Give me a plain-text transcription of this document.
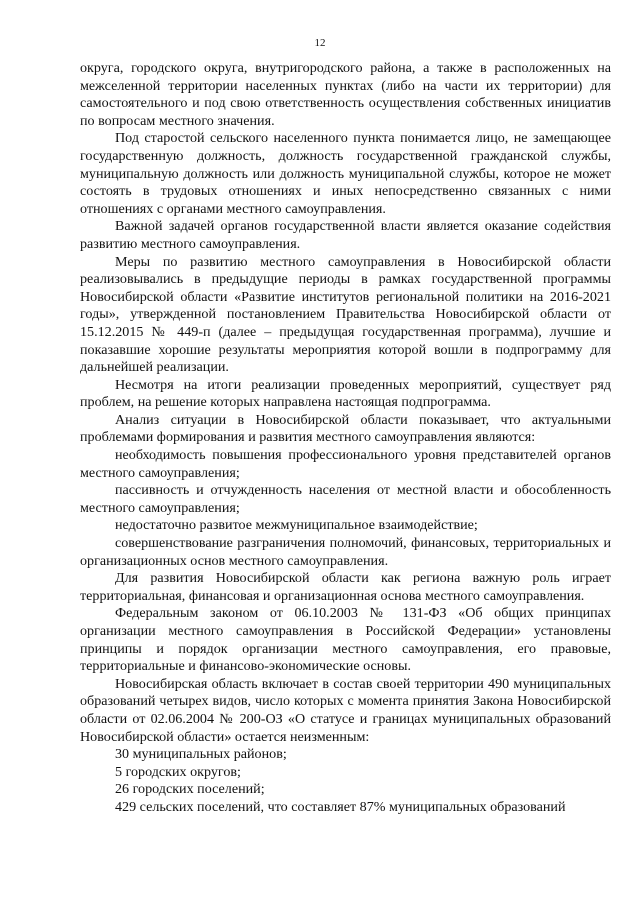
12

округа, городского округа, внутригородского района, а также в расположенных на межселенной территории населенных пунктах (либо на части их территории) для самостоятельного и под свою ответственность осуществления собственных инициатив по вопросам местного значения.

Под старостой сельского населенного пункта понимается лицо, не замещающее государственную должность, должность государственной гражданской службы, муниципальную должность или должность муниципальной службы, которое не может состоять в трудовых отношениях и иных непосредственно связанных с ними отношениях с органами местного самоуправления.

Важной задачей органов государственной власти является оказание содействия развитию местного самоуправления.

Меры по развитию местного самоуправления в Новосибирской области реализовывались в предыдущие периоды в рамках государственной программы Новосибирской области «Развитие институтов региональной политики на 2016-2021 годы», утвержденной постановлением Правительства Новосибирской области от 15.12.2015 № 449-п (далее – предыдущая государственная программа), лучшие и показавшие хорошие результаты мероприятия которой вошли в подпрограмму для дальнейшей реализации.

Несмотря на итоги реализации проведенных мероприятий, существует ряд проблем, на решение которых направлена настоящая подпрограмма.

Анализ ситуации в Новосибирской области показывает, что актуальными проблемами формирования и развития местного самоуправления являются:

необходимость повышения профессионального уровня представителей органов местного самоуправления;

пассивность и отчужденность населения от местной власти и обособленность местного самоуправления;

недостаточно развитое межмуниципальное взаимодействие;

совершенствование разграничения полномочий, финансовых, территориальных и организационных основ местного самоуправления.

Для развития Новосибирской области как региона важную роль играет территориальная, финансовая и организационная основа местного самоуправления.

Федеральным законом от 06.10.2003 № 131-ФЗ «Об общих принципах организации местного самоуправления в Российской Федерации» установлены принципы и порядок организации местного самоуправления, его правовые, территориальные и финансово-экономические основы.

Новосибирская область включает в состав своей территории 490 муниципальных образований четырех видов, число которых с момента принятия Закона Новосибирской области от 02.06.2004 № 200-ОЗ «О статусе и границах муниципальных образований Новосибирской области» остается неизменным:

30 муниципальных районов;

5 городских округов;

26 городских поселений;

429 сельских поселений, что составляет 87% муниципальных образований
